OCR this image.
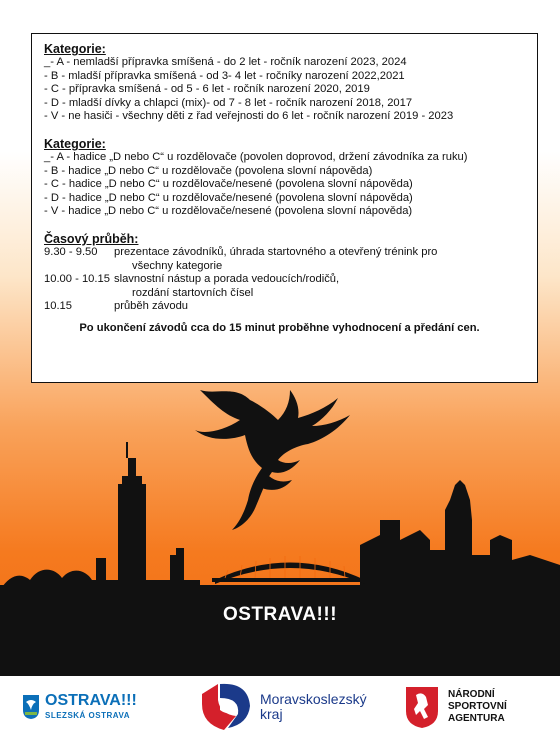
OSTRAVA!!!

Kategorie:

_- A - nemladší přípravka smíšená - do 2 let - ročník narození 2023, 2024
- B - mladší přípravka smíšená - od 3- 4 let - ročníky narození 2022,2021
- C - přípravka smíšená - od 5 - 6 let - ročník narození 2020, 2019
- D - mladší dívky a chlapci (mix)- od 7 - 8 let - ročník narození 2018, 2017
- V - ne hasiči - všechny děti z řad veřejnosti do 6 let - ročník narození 2019 - 2023

Kategorie:

_- A - hadice „D nebo C“ u rozdělovače (povolen doprovod, držení závodníka za ruku)
- B - hadice „D nebo C“ u rozdělovače (povolena slovní nápověda)
- C - hadice „D nebo C“ u rozdělovače/nesené (povolena slovní nápověda)
- D - hadice „D nebo C“ u rozdělovače/nesené (povolena slovní nápověda)
- V - hadice „D nebo C“ u rozdělovače/nesené (povolena slovní nápověda)

Časový průběh:

9.30 - 9.50	prezentace závodníků, úhrada startovného a otevřený trénink pro
všechny kategorie
10.00 - 10.15 slavnostní nástup a porada vedoucích/rodičů,
rozdání startovních čísel
10.15	průběh závodu
Po ukončení závodů cca do 15 minut proběhne vyhodnocení a předání cen.
OSTRAVA!!!
SLEZSKÁ OSTRAVA
Moravskoslezský
kraj
NÁRODNÍ
SPORTOVNÍ
AGENTURA
